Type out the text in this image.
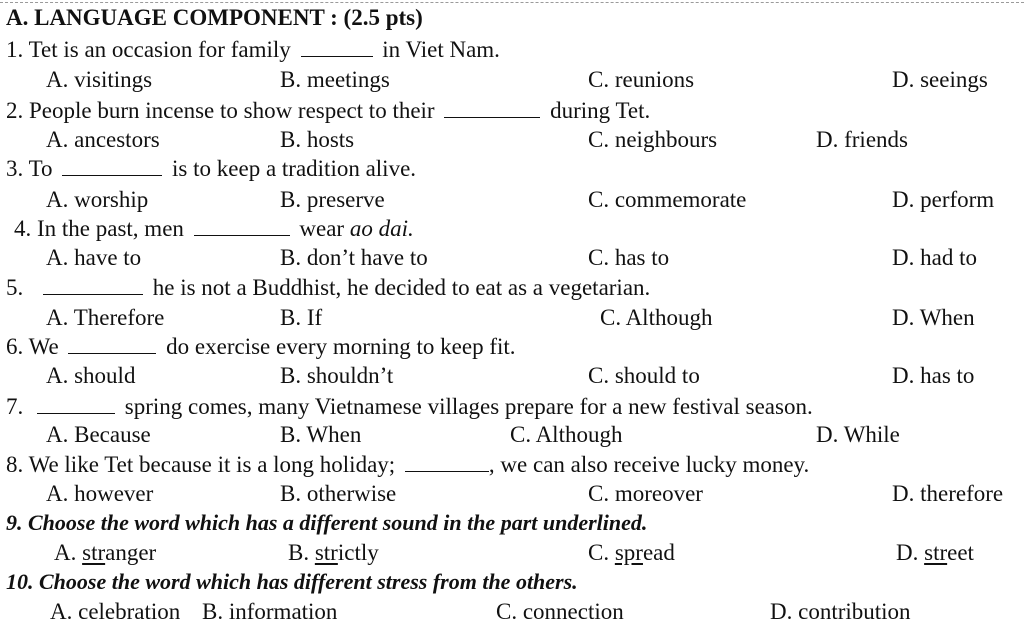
A. LANGUAGE COMPONENT : (2.5 pts)
1. Tet is an occasion for family	in Viet Nam.
A. visitings	B. meetings	C. reunions	D. seeings
2. People burn incense to show respect to their	during Tet.
A. ancestors	B. hosts	C. neighbours	D. friends
3. To	is to keep a tradition alive.
A. worship	B. preserve	C. commemorate	D. perform
4. In the past, men	wear ao dai.
A. have to	B. don’t have to	C. has to	D. had to
5.	he is not a Buddhist, he decided to eat as a vegetarian.
A. Therefore	B. If	C. Although	D. When
6. We	do exercise every morning to keep fit.
A. should	B. shouldn’t	C. should to	D. has to
7.	spring comes, many Vietnamese villages prepare for a new festival season.
A. Because	B. When	C. Although	D. While
8. We like Tet because it is a long holiday;	, we can also receive lucky money.
A. however	B. otherwise	C. moreover	D. therefore
9. Choose the word which has a different sound in the part underlined.
A. stranger	B. strictly	C. spread	D. street
10. Choose the word which has different stress from the others.
A. celebration B. information	C. connection	D. contribution
